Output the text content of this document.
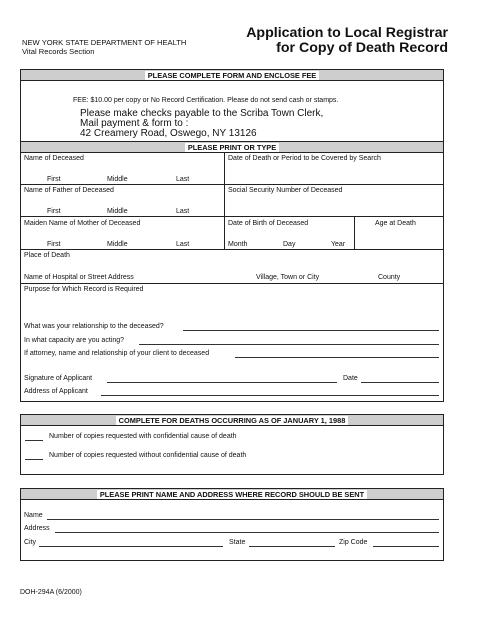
NEW YORK STATE DEPARTMENT OF HEALTH
Vital Records Section
Application to Local Registrar
for Copy of Death Record
PLEASE COMPLETE FORM AND ENCLOSE FEE
FEE: $10.00 per copy or No Record Certification. Please do not send cash or stamps.
Please make checks payable to the Scriba Town Clerk,
Mail payment & form to :
42 Creamery Road, Oswego, NY 13126
PLEASE PRINT OR TYPE
Name of Deceased
First	Middle	Last
Date of Death or Period to be Covered by Search
Name of Father of Deceased
First	Middle	Last
Social Security Number of Deceased
Maiden Name of Mother of Deceased
First	Middle	Last
Date of Birth of Deceased
Month	Day	Year
Age at Death
Place of Death
Name of Hospital or Street Address	Village, Town or City	County
Purpose for Which Record is Required
What was your relationship to the deceased?
In what capacity are you acting?
If attorney, name and relationship of your client to deceased
Signature of Applicant	Date
Address of Applicant
COMPLETE FOR DEATHS OCCURRING AS OF JANUARY 1, 1988
Number of copies requested with confidential cause of death
Number of copies requested without confidential cause of death
PLEASE PRINT NAME AND ADDRESS WHERE RECORD SHOULD BE SENT
Name
Address
City	State	Zip Code
DOH-294A (6/2000)
